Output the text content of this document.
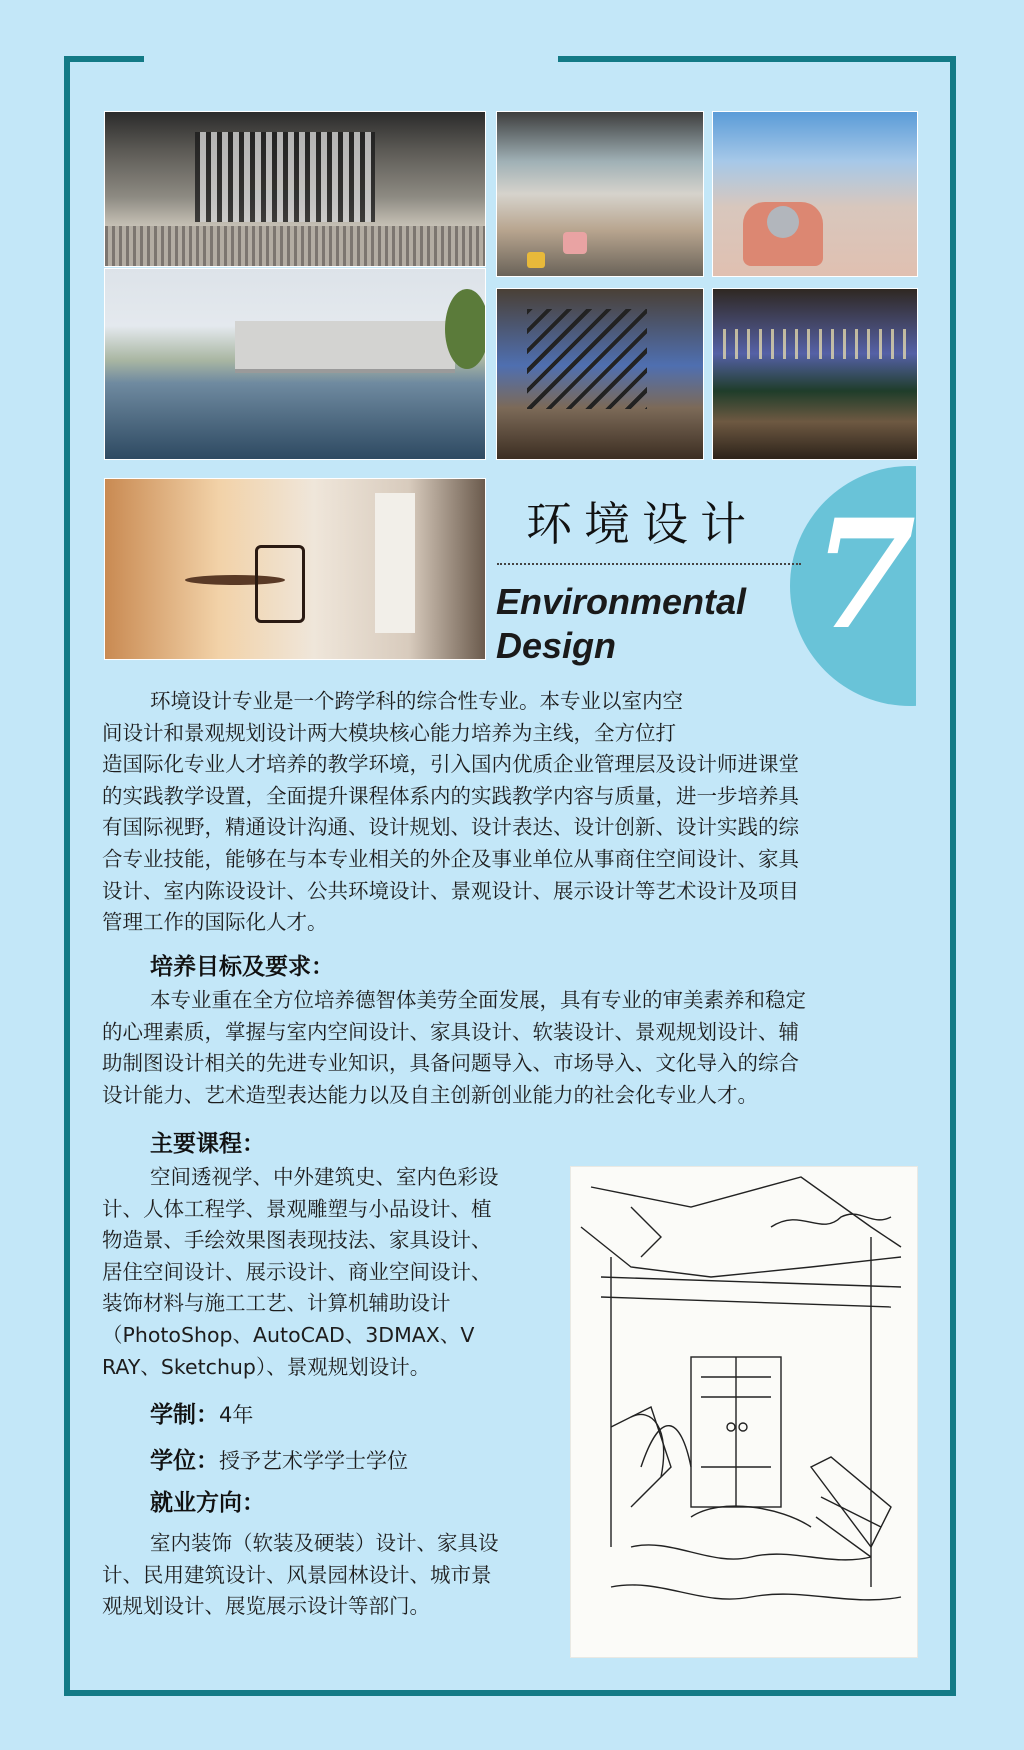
7
环境设计
Environmental
Design
环境设计专业是一个跨学科的综合性专业。本专业以室内空
间设计和景观规划设计两大模块核心能力培养为主线，全方位打
造国际化专业人才培养的教学环境，引入国内优质企业管理层及设计师进课堂
的实践教学设置，全面提升课程体系内的实践教学内容与质量，进一步培养具
有国际视野，精通设计沟通、设计规划、设计表达、设计创新、设计实践的综
合专业技能，能够在与本专业相关的外企及事业单位从事商住空间设计、家具
设计、室内陈设设计、公共环境设计、景观设计、展示设计等艺术设计及项目
管理工作的国际化人才。
培养目标及要求：
本专业重在全方位培养德智体美劳全面发展，具有专业的审美素养和稳定
的心理素质，掌握与室内空间设计、家具设计、软装设计、景观规划设计、辅
助制图设计相关的先进专业知识，具备问题导入、市场导入、文化导入的综合
设计能力、艺术造型表达能力以及自主创新创业能力的社会化专业人才。
主要课程：
空间透视学、中外建筑史、室内色彩设
计、人体工程学、景观雕塑与小品设计、植
物造景、手绘效果图表现技法、家具设计、
居住空间设计、展示设计、商业空间设计、
装饰材料与施工工艺、计算机辅助设计
（PhotoShop、AutoCAD、3DMAX、V
RAY、Sketchup）、景观规划设计。
学制：4年
学位：授予艺术学学士学位
就业方向：
室内装饰（软装及硬装）设计、家具设
计、民用建筑设计、风景园林设计、城市景
观规划设计、展览展示设计等部门。
